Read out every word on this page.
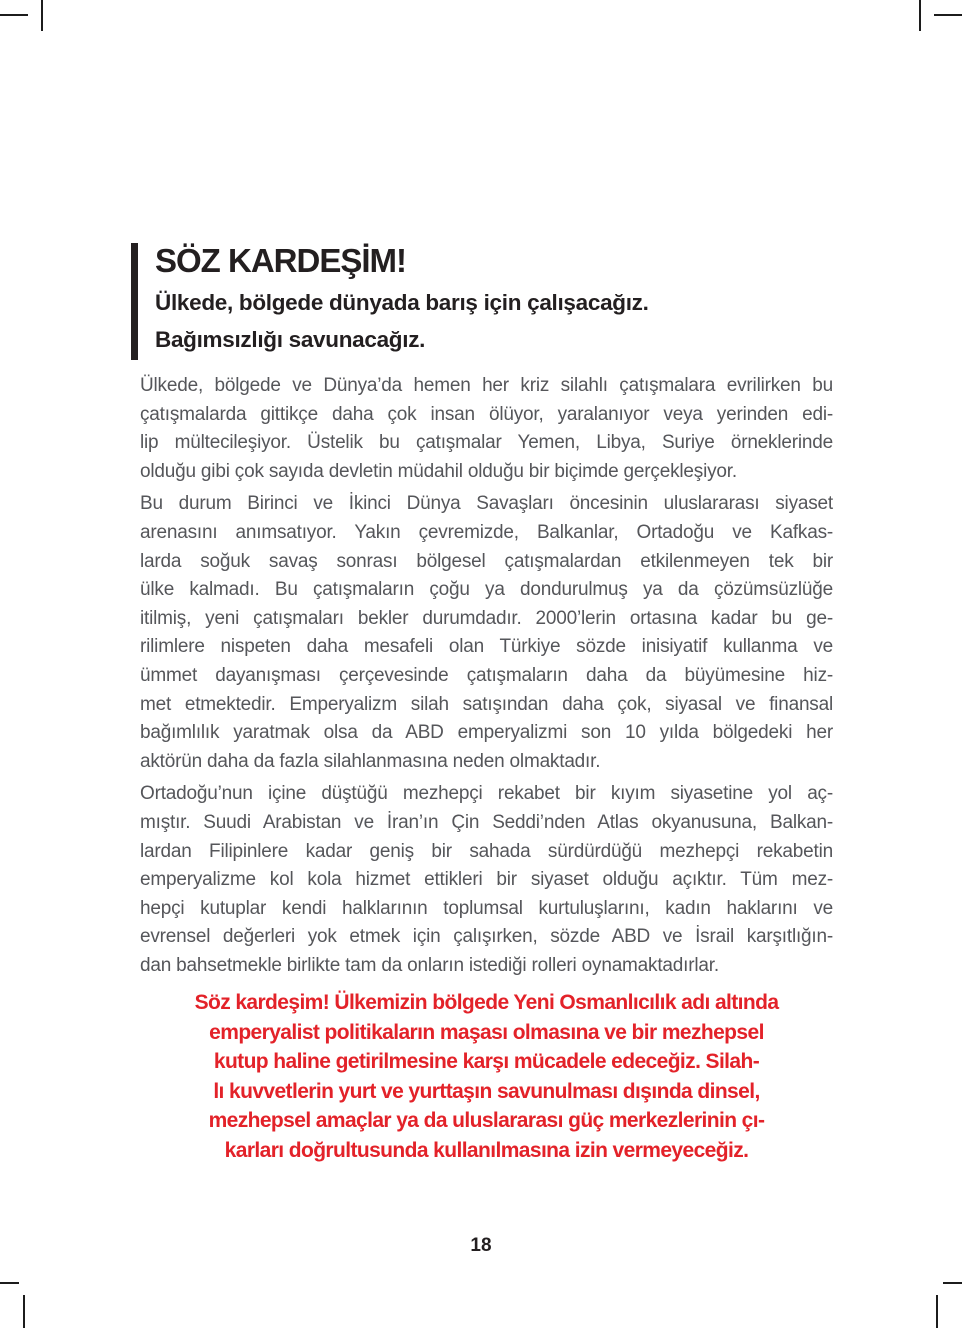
SÖZ KARDEŞİM!
Ülkede, bölgede dünyada barış için çalışacağız.
Bağımsızlığı savunacağız.
Ülkede, bölgede ve Dünya’da hemen her kriz silahlı çatışmalara evrilirken bu
çatışmalarda gittikçe daha çok insan ölüyor, yaralanıyor veya yerinden edi-
lip mültecileşiyor. Üstelik bu çatışmalar Yemen, Libya, Suriye örneklerinde
olduğu gibi çok sayıda devletin müdahil olduğu bir biçimde gerçekleşiyor.
Bu durum Birinci ve İkinci Dünya Savaşları öncesinin uluslararası siyaset
arenasını anımsatıyor. Yakın çevremizde, Balkanlar, Ortadoğu ve Kafkas-
larda soğuk savaş sonrası bölgesel çatışmalardan etkilenmeyen tek bir
ülke kalmadı. Bu çatışmaların çoğu ya dondurulmuş ya da çözümsüzlüğe
itilmiş, yeni çatışmaları bekler durumdadır. 2000’lerin ortasına kadar bu ge-
rilimlere nispeten daha mesafeli olan Türkiye sözde inisiyatif kullanma ve
ümmet dayanışması çerçevesinde çatışmaların daha da büyümesine hiz-
met etmektedir. Emperyalizm silah satışından daha çok, siyasal ve finansal
bağımlılık yaratmak olsa da ABD emperyalizmi son 10 yılda bölgedeki her
aktörün daha da fazla silahlanmasına neden olmaktadır.
Ortadoğu’nun içine düştüğü mezhepçi rekabet bir kıyım siyasetine yol aç-
mıştır. Suudi Arabistan ve İran’ın Çin Seddi’nden Atlas okyanusuna, Balkan-
lardan Filipinlere kadar geniş bir sahada sürdürdüğü mezhepçi rekabetin
emperyalizme kol kola hizmet ettikleri bir siyaset olduğu açıktır. Tüm mez-
hepçi kutuplar kendi halklarının toplumsal kurtuluşlarını, kadın haklarını ve
evrensel değerleri yok etmek için çalışırken, sözde ABD ve İsrail karşıtlığın-
dan bahsetmekle birlikte tam da onların istediği rolleri oynamaktadırlar.
Söz kardeşim! Ülkemizin bölgede Yeni Osmanlıcılık adı altında
emperyalist politikaların maşası olmasına ve bir mezhepsel
kutup haline getirilmesine karşı mücadele edeceğiz. Silah-
lı kuvvetlerin yurt ve yurttaşın savunulması dışında dinsel,
mezhepsel amaçlar ya da uluslararası güç merkezlerinin çı-
karları doğrultusunda kullanılmasına izin vermeyeceğiz.
18
